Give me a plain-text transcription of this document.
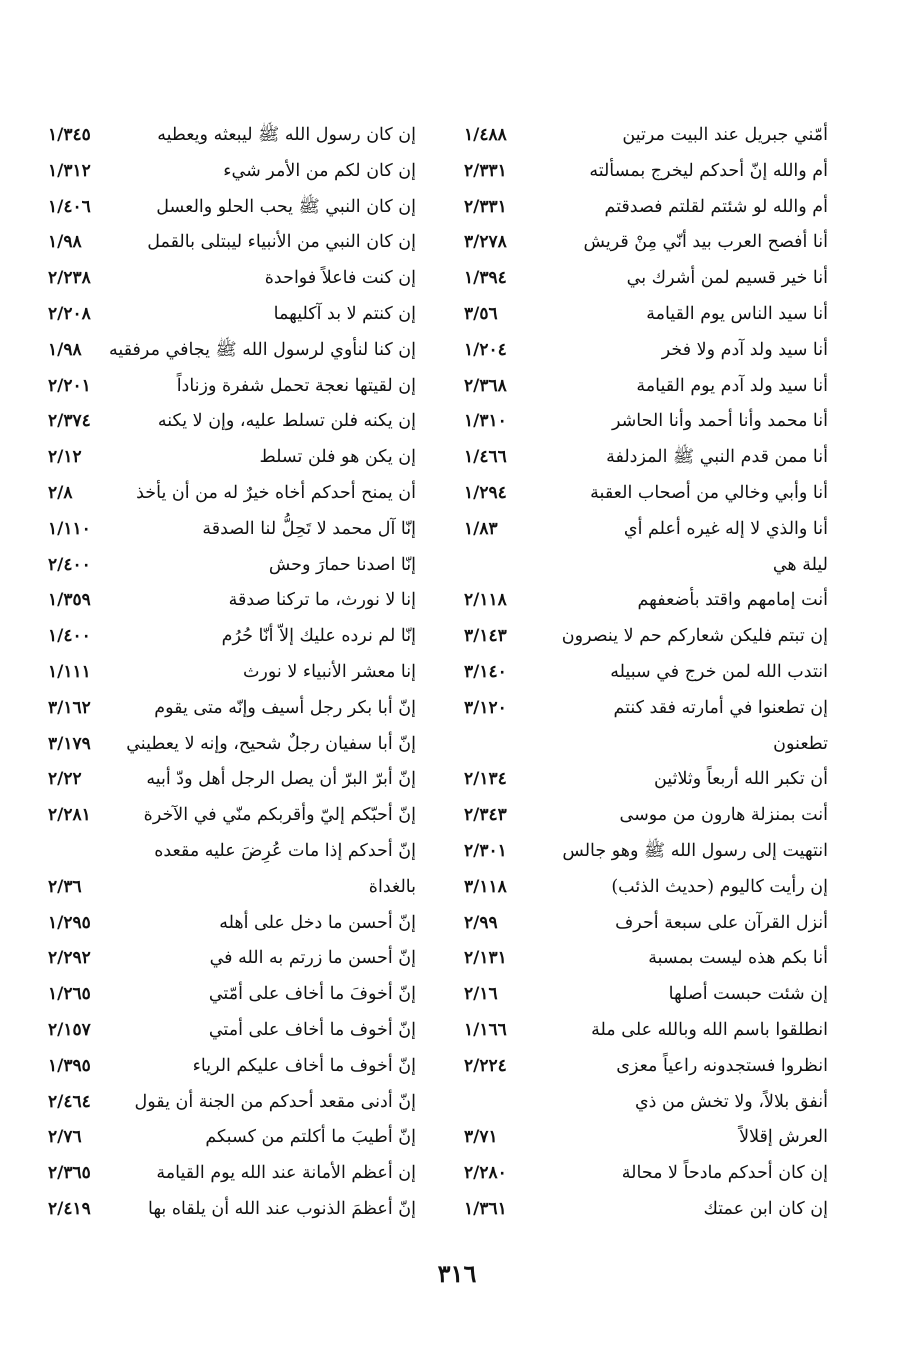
أمّني جبريل عند البيت مرتين
١/٤٨٨
أم والله إنّ أحدكم ليخرج بمسألته
٢/٣٣١
أم والله لو شئتم لقلتم فصدقتم
٢/٣٣١
أنا أفصح العرب بيد أنّي مِنْ قريش
٣/٢٧٨
أنا خير قسيم لمن أشرك بي
١/٣٩٤
أنا سيد الناس يوم القيامة
٣/٥٦
أنا سيد ولد آدم ولا فخر
١/٢٠٤
أنا سيد ولد آدم يوم القيامة
٢/٣٦٨
أنا محمد وأنا أحمد وأنا الحاشر
١/٣١٠
أنا ممن قدم النبي ﷺ المزدلفة
١/٤٦٦
أنا وأبي وخالي من أصحاب العقبة
١/٢٩٤
أنا والذي لا إله غيره أعلم أي
١/٨٣
ليلة هي
أنت إمامهم واقتد بأضعفهم
٢/١١٨
إن تبتم فليكن شعاركم حم لا ينصرون
٣/١٤٣
انتدب الله لمن خرج في سبيله
٣/١٤٠
إن تطعنوا في أمارته فقد كنتم
٣/١٢٠
تطعنون
أن تكبر الله أربعاً وثلاثين
٢/١٣٤
أنت بمنزلة هارون من موسى
٢/٣٤٣
انتهيت إلى رسول الله ﷺ وهو جالس
٢/٣٠١
إن رأيت كاليوم (حديث الذئب)
٣/١١٨
أنزل القرآن على سبعة أحرف
٢/٩٩
أنا بكم هذه ليست بمسبة
٢/١٣١
إن شئت حبست أصلها
٢/١٦
انطلقوا باسم الله وبالله على ملة
١/١٦٦
انظروا فستجدونه راعياً معزى
٢/٢٢٤
أنفق بلالاً، ولا تخش من ذي
العرش إقلالاً
٣/٧١
إن كان أحدكم مادحاً لا محالة
٢/٢٨٠
إن كان ابن عمتك
١/٣٦١
إن كان رسول الله ﷺ ليبعثه ويعطيه
١/٣٤٥
إن كان لكم من الأمر شيء
١/٣١٢
إن كان النبي ﷺ يحب الحلو والعسل
١/٤٠٦
إن كان النبي من الأنبياء ليبتلى بالقمل
١/٩٨
إن كنت فاعلاً فواحدة
٢/٢٣٨
إن كنتم لا بد آكليهما
٢/٢٠٨
إن كنا لنأوي لرسول الله ﷺ يجافي مرفقيه
١/٩٨
إن لقيتها نعجة تحمل شفرة وزناداً
٢/٢٠١
إن يكنه فلن تسلط عليه، وإن لا يكنه
٢/٣٧٤
إن يكن هو فلن تسلط
٢/١٢
أن يمنح أحدكم أخاه خيرٌ له من أن يأخذ
٢/٨
إنّا آل محمد لا تَحِلُّ لنا الصدقة
١/١١٠
إنّا اصدنا حمارَ وحش
٢/٤٠٠
إنا لا نورث، ما تركنا صدقة
١/٣٥٩
إنّا لم نرده عليك إلاّ أنّا حُرُم
١/٤٠٠
إنا معشر الأنبياء لا نورث
١/١١١
إنّ أبا بكر رجل أسيف وإنّه متى يقوم
٣/١٦٢
إنّ أبا سفيان رجلٌ شحيح، وإنه لا يعطيني
٣/١٧٩
إنّ أبرّ البرّ أن يصل الرجل أهل ودّ أبيه
٢/٢٢
إنّ أحبّكم إليّ وأقربكم منّي في الآخرة
٢/٢٨١
إنّ أحدكم إذا مات عُرِضَ عليه مقعده
بالغداة
٢/٣٦
إنّ أحسن ما دخل على أهله
١/٢٩٥
إنّ أحسن ما زرتم به الله في
٢/٢٩٢
إنّ أخوفَ ما أخاف على أمّتي
١/٢٦٥
إنّ أخوف ما أخاف على أمتي
٢/١٥٧
إنّ أخوف ما أخاف عليكم الرياء
١/٣٩٥
إنّ أدنى مقعد أحدكم من الجنة أن يقول
٢/٤٦٤
إنّ أطيبَ ما أكلتم من كسبكم
٢/٧٦
إن أعظم الأمانة عند الله يوم القيامة
٢/٣٦٥
إنّ أعظمَ الذنوب عند الله أن يلقاه بها
٢/٤١٩
٣١٦
